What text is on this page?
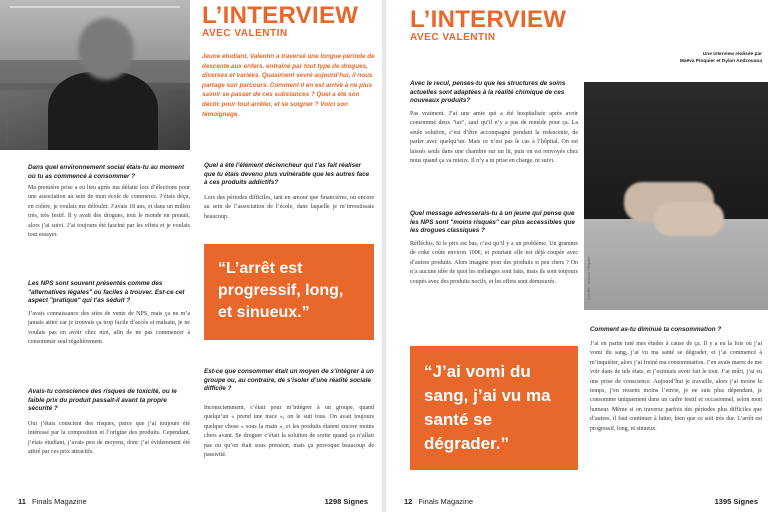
Crédits : Maëva Pinquier
L’INTERVIEW
AVEC VALENTIN
Jeune étudiant, Valentin a traversé une longue période de descente aux enfers, entraîné par tout type de drogues, diverses et variées. Quasiment sevré aujourd’hui, il nous partage son parcours. Comment il en est arrivé à ne plus savoir se passer de ces substances ? Quel a été son déclic pour tout arrêter, et se soigner ? Voici son témoignage.
Dans quel environnement social étais-tu au moment où tu as commencé à consommer ?
Ma première prise a eu lieu après ma défaite lors d’élections pour une association au sein de mon école de commerce. J’étais déçu, en colère, je voulais me défouler. J’avais 18 ans, et dans un milieu très, très festif. Il y avait des drogues, tout le monde en prenait, alors j’ai suivi. J’ai toujours été fasciné par les effets et je voulais tout essayer.
Les NPS sont souvent présentés comme des "alternatives légales" ou faciles à trouver. Est-ce cet aspect "pratique" qui t’as séduit ?
J’avais connaissance des sites de vente de NPS, mais ça ne m’a jamais attiré car je trouvais ça trop facile d’accès et malsain, je ne voulais pas en avoir chez moi, afin de ne pas commencer à consommer seul régulièrement.
Avais-tu conscience des risques de toxicité, ou le faible prix du produit passait-il avant ta propre sécurité ?
Oui j’étais conscient des risques, parce que j’ai toujours été intéressé par la composition et l’origine des produits. Cependant, j’étais étudiant, j’avais peu de moyens, donc j’ai évidemment été attiré par ces prix attractifs.
Quel a été l’élément déclencheur qui t’as fait réaliser que tu étais devenu plus vulnérable que les autres face à ces produits addictifs?
Lors des périodes difficiles, tant en amour que financières, ou encore au sein de l’association de l’école, dans laquelle je m’investissais beaucoup.
“L’arrêt est
progressif, long,
et sinueux.”
Est-ce que consommer était un moyen de s’intégrer à un groupe ou, au contraire, de s’isoler d’une réalité sociale difficile ?
Inconsciemment, c’était pour m’intégrer à un groupe, quand quelqu’un « prend une trace », on le suit tous. On avait toujours quelque chose « sous la main », et les produits étaient encore moins chers avant. Se droguer c’était la solution de sortie quand ça n’allait pas ou qu’on était sous pression, mais ça provoque beaucoup de passivité.
11 Finals Magazine	1298 Signes
L’INTERVIEW
AVEC VALENTIN
Une interview réalisée par
Maëva Pinquier et Dylan Andzouana
Avec le recul, penses-tu que les structures de soins actuelles sont adaptées à la réalité chimique de ces nouveaux produits?
Pas vraiment. J’ai une amie qui a été hospitalisée après avoir consommé deux "taz", sauf qu’il n’y a pas de remède pour ça. La seule solution, c’est d’être accompagné pendant la redescente, de parler avec quelqu’un. Mais ce n’est pas le cas à l’hôpital. On est laissés seuls dans une chambre sur un lit, puis on est renvoyés chez nous quand ça va mieux. Il n’y a ni prise en charge, ni suivi.
Quel message adresserais-tu à un jeune qui pense que les NPS sont "moins risqués" car plus accessibles que les drogues classiques ?
Réfléchis. Si le prix est bas, c’est qu’il y a un problème. Un gramme de coke coûte environ 100€, et pourtant elle est déjà coupée avec d’autres produits. Alors imagine pour des produits si peu chers ? On n’a aucune idée de quoi les mélanges sont faits, mais ils sont toujours coupés avec des produits nocifs, et les effets sont démesurés.
“J’ai vomi du
sang, j’ai vu ma
santé se
dégrader.”
Crédits : Maëva Pinquier
Comment as-tu diminué ta consommation ?
J’ai en partie raté mes études à cause de ça. Il y a eu la fois où j’ai vomi du sang, j’ai vu ma santé se dégrader, et j’ai commencé à m’inquiéter, alors j’ai freiné ma consommation. J’en avais marre de me voir dans de tels états, et j’estimais avoir fait le tour. J’ai mûri, j’ai eu une prise de conscience. Aujourd’hui je travaille, alors j’ai moins le temps, j’en ressens moins l’envie, je ne suis plus dépendant, je consomme uniquement dans un cadre festif et occasionnel, selon mon humeur. Même si on traverse parfois des périodes plus difficiles que d’autres, il faut continuer à lutter, bien que ce soit très dur. L’arrêt est progressif, long, et sinueux.
12 Finals Magazine	1395 Signes
